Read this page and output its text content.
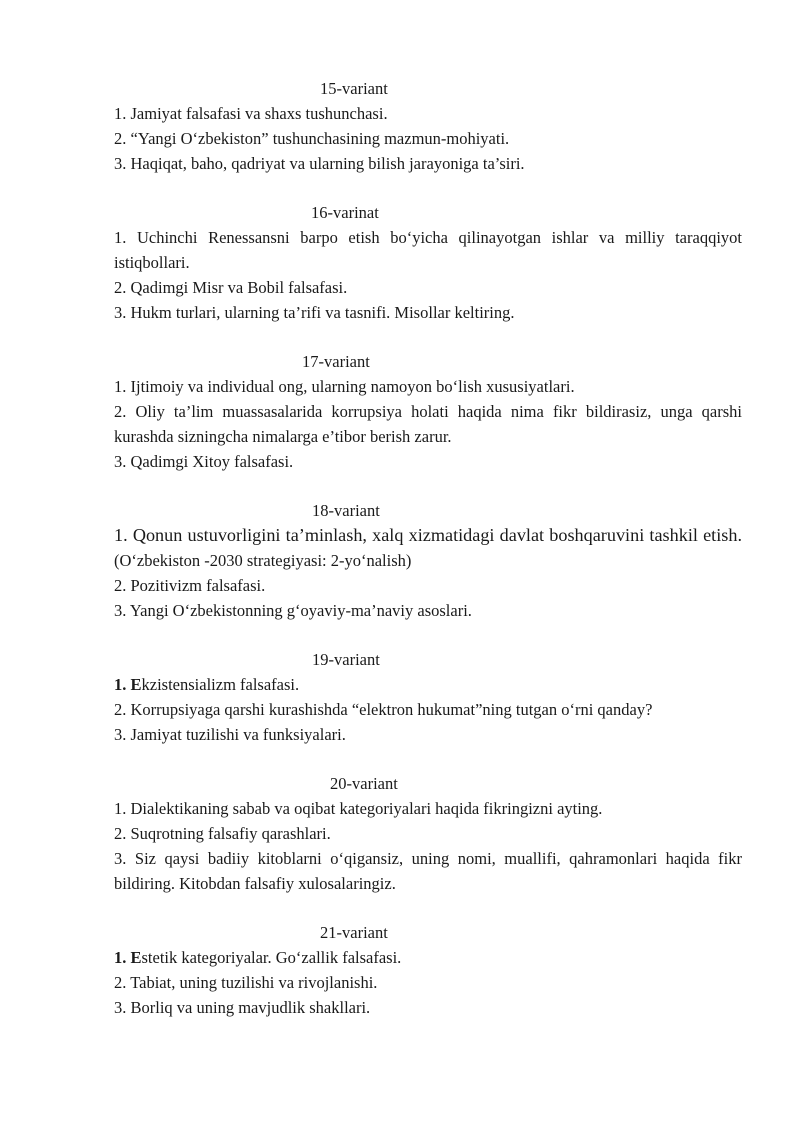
15-variant
1. Jamiyat falsafasi va shaxs tushunchasi.
2. “Yangi O‘zbekiston” tushunchasining mazmun-mohiyati.
3. Haqiqat, baho, qadriyat va ularning bilish jarayoniga ta’siri.
16-varinat
1. Uchinchi Renessansni barpo etish bo‘yicha qilinayotgan ishlar va milliy taraqqiyot istiqbollari.
2. Qadimgi Misr va Bobil falsafasi.
3. Hukm turlari, ularning ta’rifi va tasnifi. Misollar keltiring.
17-variant
1. Ijtimoiy va individual ong, ularning namoyon bo‘lish xususiyatlari.
2. Oliy ta’lim muassasalarida korrupsiya holati haqida nima fikr bildirasiz, unga qarshi kurashda sizningcha nimalarga e’tibor berish zarur.
3. Qadimgi Xitoy falsafasi.
18-variant
1. Qonun ustuvorligini ta’minlash, xalq xizmatidagi davlat boshqaruvini tashkil etish. (O‘zbekiston -2030 strategiyasi: 2-yo‘nalish)
2. Pozitivizm falsafasi.
3. Yangi O‘zbekistonning g‘oyaviy-ma’naviy asoslari.
19-variant
1. Ekzistensializm falsafasi.
2. Korrupsiyaga qarshi kurashishda “elektron hukumat”ning tutgan o‘rni qanday?
3. Jamiyat tuzilishi va funksiyalari.
20-variant
1. Dialektikaning sabab va oqibat kategoriyalari haqida fikringizni ayting.
2. Suqrotning falsafiy qarashlari.
3. Siz qaysi badiiy kitoblarni o‘qigansiz, uning nomi, muallifi, qahramonlari haqida fikr bildiring. Kitobdan falsafiy xulosalaringiz.
21-variant
1. Estetik kategoriyalar. Go‘zallik falsafasi.
2. Tabiat, uning tuzilishi va rivojlanishi.
3. Borliq va uning mavjudlik shakllari.
